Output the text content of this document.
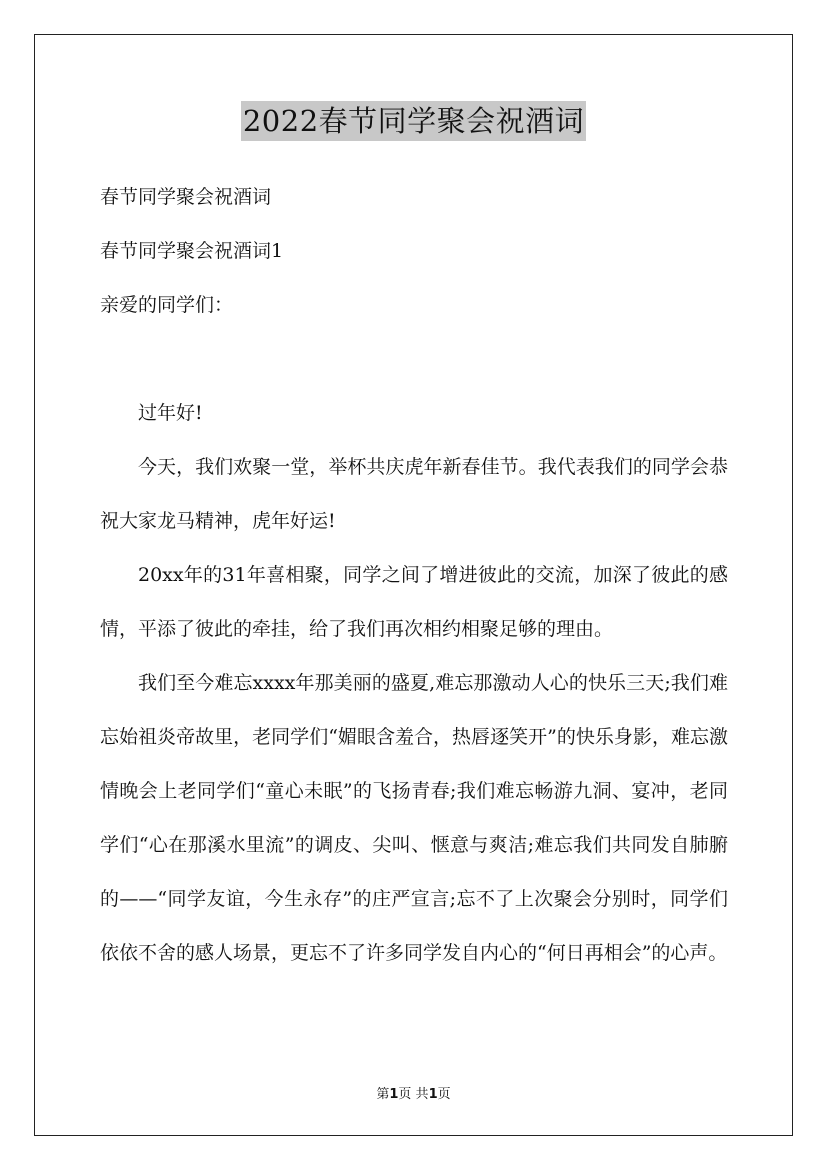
2022春节同学聚会祝酒词

春节同学聚会祝酒词

春节同学聚会祝酒词1

亲爱的同学们：

过年好!

今天，我们欢聚一堂，举杯共庆虎年新春佳节。我代表我们的同学会恭祝大家龙马精神，虎年好运!

20xx年的31年喜相聚，同学之间了增进彼此的交流，加深了彼此的感情，平添了彼此的牵挂，给了我们再次相约相聚足够的理由。

我们至今难忘xxxx年那美丽的盛夏,难忘那激动人心的快乐三天;我们难忘始祖炎帝故里，老同学们“媚眼含羞合，热唇逐笑开”的快乐身影，难忘激情晚会上老同学们“童心未眠”的飞扬青春;我们难忘畅游九洞、宴冲，老同学们“心在那溪水里流”的调皮、尖叫、惬意与爽洁;难忘我们共同发自肺腑的——“同学友谊，今生永存”的庄严宣言;忘不了上次聚会分别时，同学们依依不舍的感人场景，更忘不了许多同学发自内心的“何日再相会”的心声。

第1页 共1页
